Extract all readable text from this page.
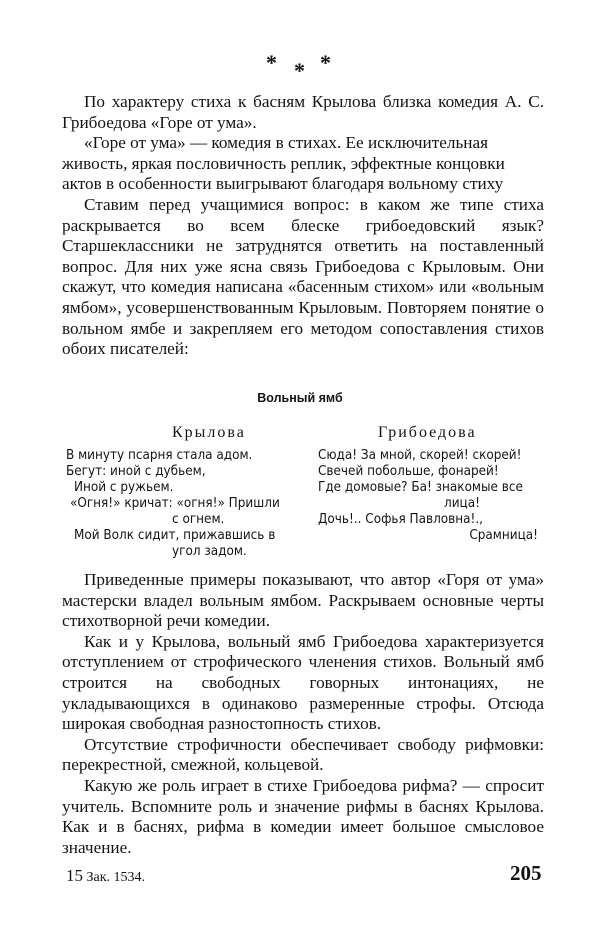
* * *

По характеру стиха к басням Крылова близка комедия А. С. Грибоедова «Горе от ума».

«Горе от ума» — комедия в стихах. Ее исключительная живость, яркая пословичность реплик, эффектные концовки актов в особенности выигрывают благодаря вольному стиху

Ставим перед учащимися вопрос: в каком же типе стиха раскрывается во всем блеске грибоедовский язык? Старшеклассники не затруднятся ответить на поставленный вопрос. Для них уже ясна связь Грибоедова с Крыловым. Они скажут, что комедия написана «басенным стихом» или «вольным ямбом», усовершенствованным Крыловым. Повторяем понятие о вольном ямбе и закрепляем его методом сопоставления стихов обоих писателей:

Вольный ямб
Крылова	Грибоедова
В минуту псарня стала адом.
Бегут: иной с дубьем,
Иной с ружьем.
«Огня!» кричат: «огня!» Пришли
с огнем.
Мой Волк сидит, прижавшись в
угол задом.
Сюда! За мной, скорей! скорей!
Свечей побольше, фонарей!
Где домовые? Ба! знакомые все
лица!
Дочь!.. Софья Павловна!.,
Срамница!

Приведенные примеры показывают, что автор «Горя от ума» мастерски владел вольным ямбом. Раскрываем основные черты стихотворной речи комедии.

Как и у Крылова, вольный ямб Грибоедова характеризуется отступлением от строфического членения стихов. Вольный ямб строится на свободных говорных интонациях, не укладывающихся в одинаково размеренные строфы. Отсюда широкая свободная разностопность стихов.

Отсутствие строфичности обеспечивает свободу рифмовки: перекрестной, смежной, кольцевой.

Какую же роль играет в стихе Грибоедова рифма? — спросит учитель. Вспомните роль и значение рифмы в баснях Крылова. Как и в баснях, рифма в комедии имеет большое смысловое значение.

15 Зак. 1534.	205
